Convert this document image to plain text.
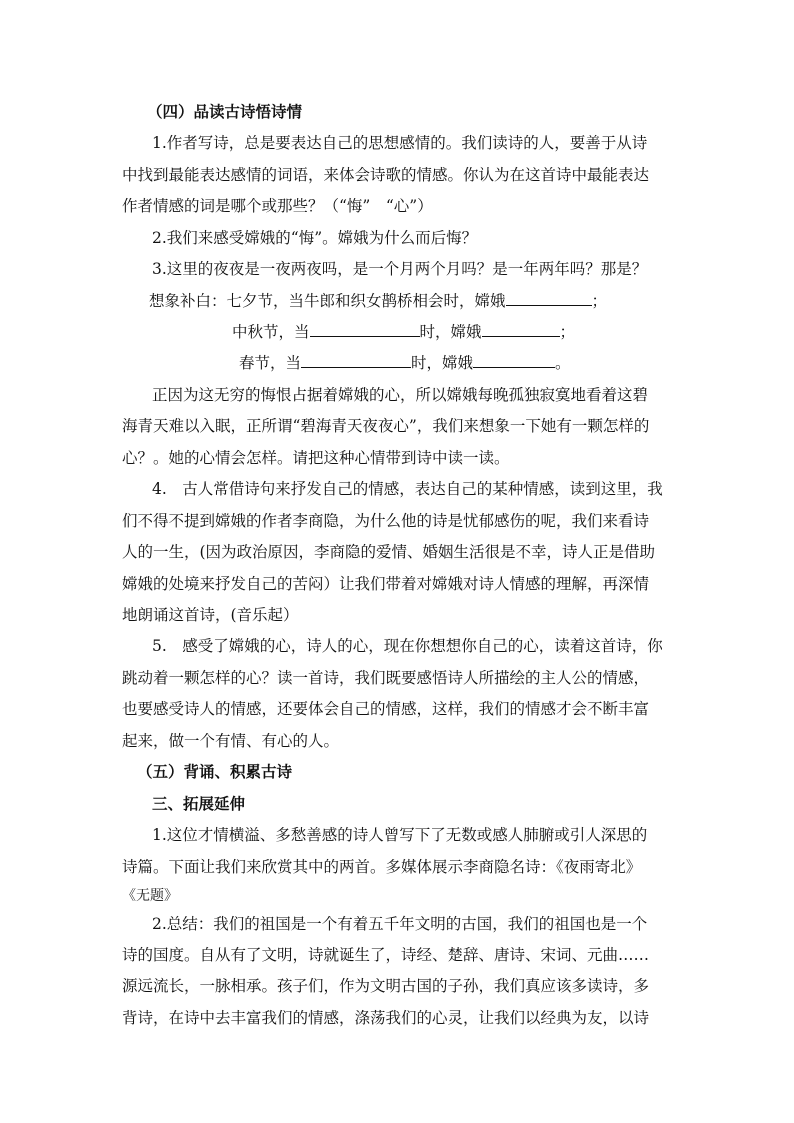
（四）品读古诗悟诗情
1.作者写诗，总是要表达自己的思想感情的。我们读诗的人，要善于从诗
中找到最能表达感情的词语，来体会诗歌的情感。你认为在这首诗中最能表达
作者情感的词是哪个或那些？（“悔”　“心”）
2.我们来感受嫦娥的“悔”。嫦娥为什么而后悔？
3.这里的夜夜是一夜两夜吗，是一个月两个月吗？是一年两年吗？那是？
想象补白：七夕节，当牛郎和织女鹊桥相会时，嫦娥	；
中秋节，当	时，嫦娥	；
春节，当	时，嫦娥	。
正因为这无穷的悔恨占据着嫦娥的心，所以嫦娥每晚孤独寂寞地看着这碧
海青天难以入眠，正所谓“碧海青天夜夜心”，我们来想象一下她有一颗怎样的
心？。她的心情会怎样。请把这种心情带到诗中读一读。
4.　古人常借诗句来抒发自己的情感，表达自己的某种情感，读到这里，我
们不得不提到嫦娥的作者李商隐，为什么他的诗是忧郁感伤的呢，我们来看诗
人的一生，(因为政治原因，李商隐的爱情、婚姻生活很是不幸，诗人正是借助
嫦娥的处境来抒发自己的苦闷）让我们带着对嫦娥对诗人情感的理解，再深情
地朗诵这首诗，(音乐起）
5.　感受了嫦娥的心，诗人的心，现在你想想你自己的心，读着这首诗，你
跳动着一颗怎样的心？读一首诗，我们既要感悟诗人所描绘的主人公的情感，
也要感受诗人的情感，还要体会自己的情感，这样，我们的情感才会不断丰富
起来，做一个有情、有心的人。
（五）背诵、积累古诗
三、拓展延伸
1.这位才情横溢、多愁善感的诗人曾写下了无数或感人肺腑或引人深思的
诗篇。下面让我们来欣赏其中的两首。多媒体展示李商隐名诗：《夜雨寄北》
《无题》
2.总结：我们的祖国是一个有着五千年文明的古国，我们的祖国也是一个
诗的国度。自从有了文明，诗就诞生了，诗经、楚辞、唐诗、宋词、元曲……
源远流长，一脉相承。孩子们，作为文明古国的子孙，我们真应该多读诗，多
背诗，在诗中去丰富我们的情感，涤荡我们的心灵，让我们以经典为友，以诗
